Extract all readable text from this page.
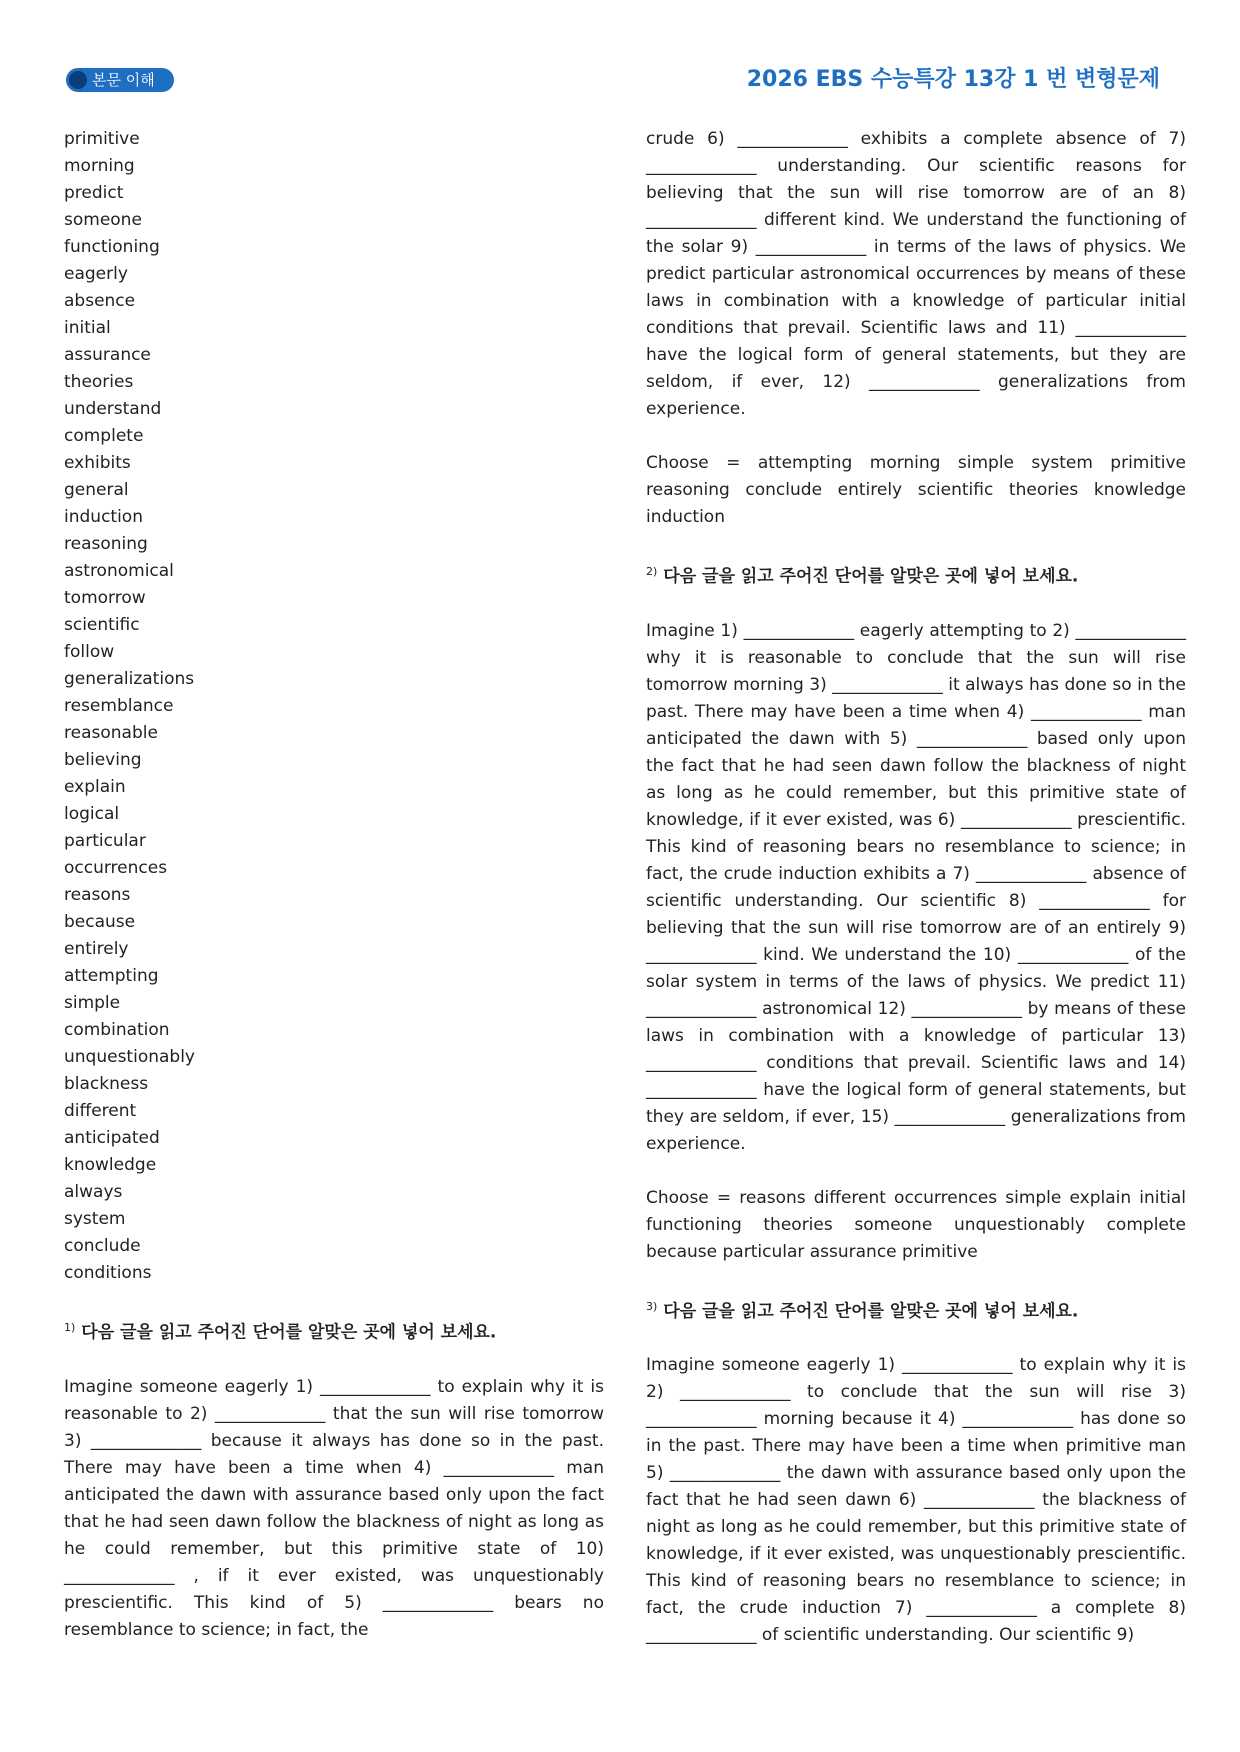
본문 이해	2026 EBS 수능특강 13강 1 번 변형문제
primitive
morning
predict
someone
functioning
eagerly
absence
initial
assurance
theories
understand
complete
exhibits
general
induction
reasoning
astronomical
tomorrow
scientific
follow
generalizations
resemblance
reasonable
believing
explain
logical
particular
occurrences
reasons
because
entirely
attempting
simple
combination
unquestionably
blackness
different
anticipated
knowledge
always
system
conclude
conditions

$^{1)}$ 다음 글을 읽고 주어진 단어를 알맞은 곳에 넣어 보세요.

Imagine someone eagerly 1) _____________ to explain why it is reasonable to 2) _____________ that the sun will rise tomorrow 3) _____________ because it always has done so in the past. There may have been a time when 4) _____________ man anticipated the dawn with assurance based only upon the fact that he had seen dawn follow the blackness of night as long as he could remember, but this primitive state of 10) _____________ , if it ever existed, was unquestionably prescientific. This kind of 5) _____________ bears no resemblance to science; in fact, the

crude 6) _____________ exhibits a complete absence of 7) _____________ understanding. Our scientific reasons for believing that the sun will rise tomorrow are of an 8) _____________ different kind. We understand the functioning of the solar 9) _____________ in terms of the laws of physics. We predict particular astronomical occurrences by means of these laws in combination with a knowledge of particular initial conditions that prevail. Scientific laws and 11) _____________ have the logical form of general statements, but they are seldom, if ever, 12) _____________ generalizations from experience.

Choose = attempting morning simple system primitive reasoning conclude entirely scientific theories knowledge induction

$^{2)}$ 다음 글을 읽고 주어진 단어를 알맞은 곳에 넣어 보세요.

Imagine 1) _____________ eagerly attempting to 2) _____________ why it is reasonable to conclude that the sun will rise tomorrow morning 3) _____________ it always has done so in the past. There may have been a time when 4) _____________ man anticipated the dawn with 5) _____________ based only upon the fact that he had seen dawn follow the blackness of night as long as he could remember, but this primitive state of knowledge, if it ever existed, was 6) _____________ prescientific. This kind of reasoning bears no resemblance to science; in fact, the crude induction exhibits a 7) _____________ absence of scientific understanding. Our scientific 8) _____________ for believing that the sun will rise tomorrow are of an entirely 9) _____________ kind. We understand the 10) _____________ of the solar system in terms of the laws of physics. We predict 11) _____________ astronomical 12) _____________ by means of these laws in combination with a knowledge of particular 13) _____________ conditions that prevail. Scientific laws and 14) _____________ have the logical form of general statements, but they are seldom, if ever, 15) _____________ generalizations from experience.

Choose = reasons different occurrences simple explain initial functioning theories someone unquestionably complete because particular assurance primitive

$^{3)}$ 다음 글을 읽고 주어진 단어를 알맞은 곳에 넣어 보세요.

Imagine someone eagerly 1) _____________ to explain why it is 2) _____________ to conclude that the sun will rise 3) _____________ morning because it 4) _____________ has done so in the past. There may have been a time when primitive man 5) _____________ the dawn with assurance based only upon the fact that he had seen dawn 6) _____________ the blackness of night as long as he could remember, but this primitive state of knowledge, if it ever existed, was unquestionably prescientific. This kind of reasoning bears no resemblance to science; in fact, the crude induction 7) _____________ a complete 8) _____________ of scientific understanding. Our scientific 9)
